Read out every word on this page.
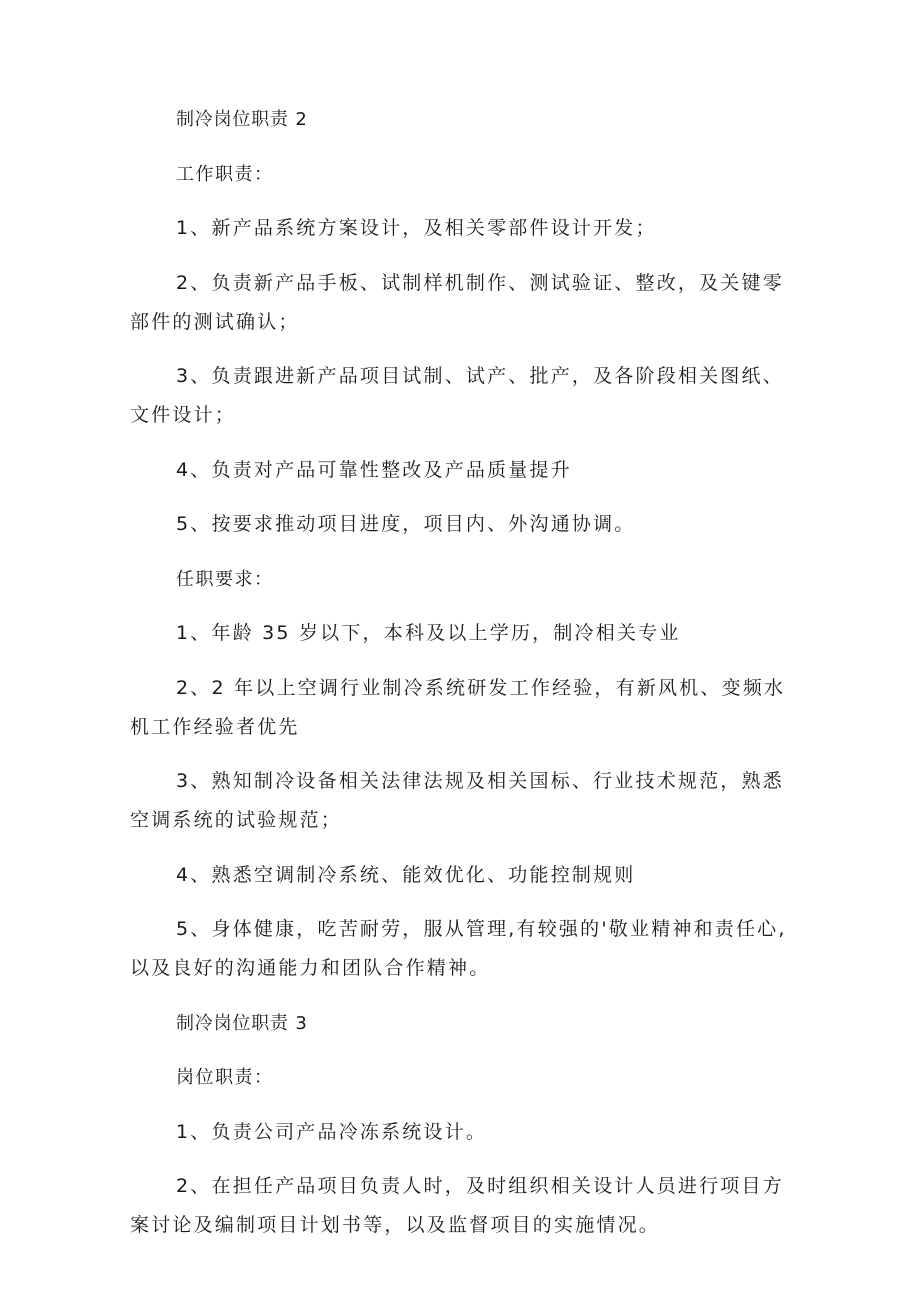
制冷岗位职责 2

工作职责：

1、新产品系统方案设计，及相关零部件设计开发；

2、负责新产品手板、试制样机制作、测试验证、整改，及关键零部件的测试确认；

3、负责跟进新产品项目试制、试产、批产，及各阶段相关图纸、文件设计；

4、负责对产品可靠性整改及产品质量提升

5、按要求推动项目进度，项目内、外沟通协调。

任职要求：

1、年龄 35 岁以下，本科及以上学历，制冷相关专业

2、2 年以上空调行业制冷系统研发工作经验，有新风机、变频水机工作经验者优先

3、熟知制冷设备相关法律法规及相关国标、行业技术规范，熟悉空调系统的试验规范；

4、熟悉空调制冷系统、能效优化、功能控制规则

5、身体健康，吃苦耐劳，服从管理,有较强的'敬业精神和责任心,以及良好的沟通能力和团队合作精神。

制冷岗位职责 3

岗位职责：

1、负责公司产品冷冻系统设计。

2、在担任产品项目负责人时，及时组织相关设计人员进行项目方案讨论及编制项目计划书等，以及监督项目的实施情况。
